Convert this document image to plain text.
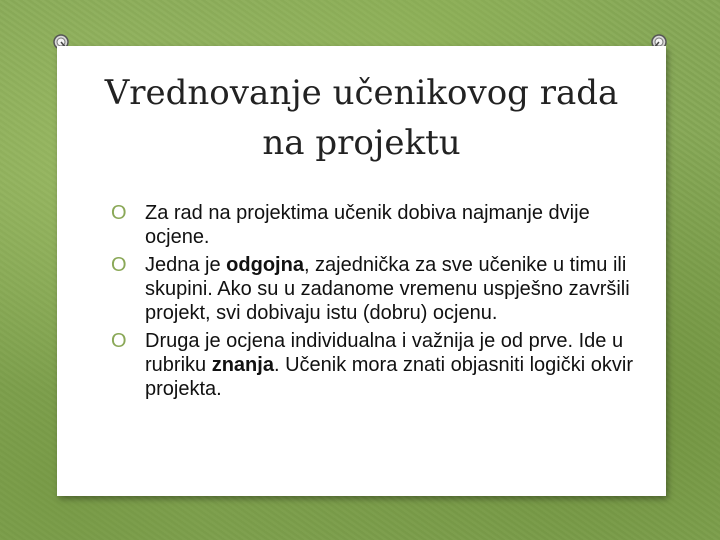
Vrednovanje učenikovog rada
na projektu
O Za rad na projektima učenik dobiva najmanje dvije ocjene.
O Jedna je odgojna, zajednička za sve učenike u timu ili skupini. Ako su u zadanome vremenu uspješno završili projekt, svi dobivaju istu (dobru) ocjenu.
O Druga je ocjena individualna i važnija je od prve. Ide u rubriku znanja. Učenik mora znati objasniti logički okvir projekta.
